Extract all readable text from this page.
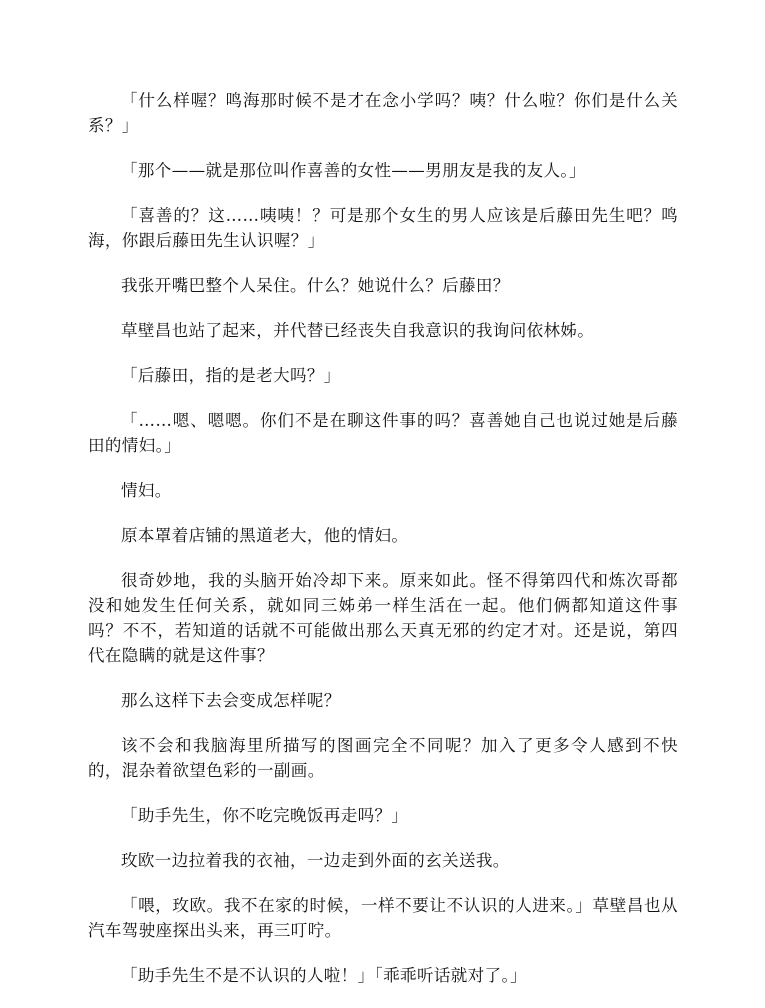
「什么样喔？鸣海那时候不是才在念小学吗？咦？什么啦？你们是什么关系？」

「那个——就是那位叫作喜善的女性——男朋友是我的友人。」

「喜善的？这……咦咦！？可是那个女生的男人应该是后藤田先生吧？鸣海，你跟后藤田先生认识喔？」

我张开嘴巴整个人呆住。什么？她说什么？后藤田？

草壁昌也站了起来，并代替已经丧失自我意识的我询问依林姊。

「后藤田，指的是老大吗？」

「……嗯、嗯嗯。你们不是在聊这件事的吗？喜善她自己也说过她是后藤田的情妇。」

情妇。

原本罩着店铺的黑道老大，他的情妇。

很奇妙地，我的头脑开始冷却下来。原来如此。怪不得第四代和炼次哥都没和她发生任何关系，就如同三姊弟一样生活在一起。他们俩都知道这件事吗？不不，若知道的话就不可能做出那么天真无邪的约定才对。还是说，第四代在隐瞒的就是这件事？

那么这样下去会变成怎样呢？

该不会和我脑海里所描写的图画完全不同呢？加入了更多令人感到不快的，混杂着欲望色彩的一副画。

「助手先生，你不吃完晚饭再走吗？」

玫欧一边拉着我的衣袖，一边走到外面的玄关送我。

「喂，玫欧。我不在家的时候，一样不要让不认识的人进来。」草壁昌也从汽车驾驶座探出头来，再三叮咛。

「助手先生不是不认识的人啦！」「乖乖听话就对了。」
